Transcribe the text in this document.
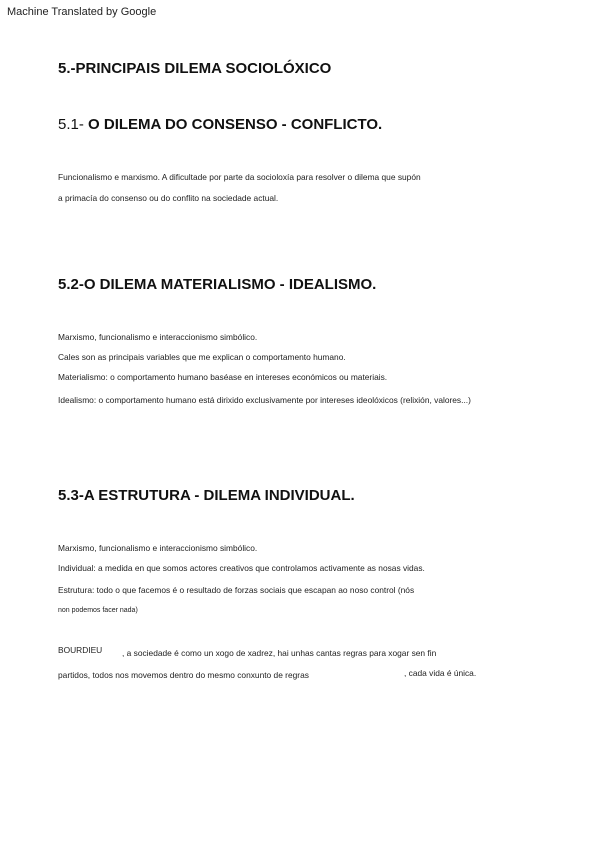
Machine Translated by Google
5.-PRINCIPAIS DILEMA SOCIOLÓXICO
5.1- O DILEMA DO CONSENSO - CONFLICTO.
Funcionalismo e marxismo. A dificultade por parte da socioloxía para resolver o dilema que supón
a primacía do consenso ou do conflito na sociedade actual.
5.2-O DILEMA MATERIALISMO - IDEALISMO.
Marxismo, funcionalismo e interaccionismo simbólico.
Cales son as principais variables que me explican o comportamento humano.
Materialismo: o comportamento humano baséase en intereses económicos ou materiais.
Idealismo: o comportamento humano está dirixido exclusivamente por intereses ideolóxicos (relixión, valores...)
5.3-A ESTRUTURA - DILEMA INDIVIDUAL.
Marxismo, funcionalismo e interaccionismo simbólico.
Individual: a medida en que somos actores creativos que controlamos activamente as nosas vidas.
Estrutura: todo o que facemos é o resultado de forzas sociais que escapan ao noso control (nós
non podemos facer nada)
BOURDIEU , a sociedade é como un xogo de xadrez, hai unhas cantas regras para xogar sen fin
partidos, todos nos movemos dentro do mesmo conxunto de regras	, cada vida é única.
